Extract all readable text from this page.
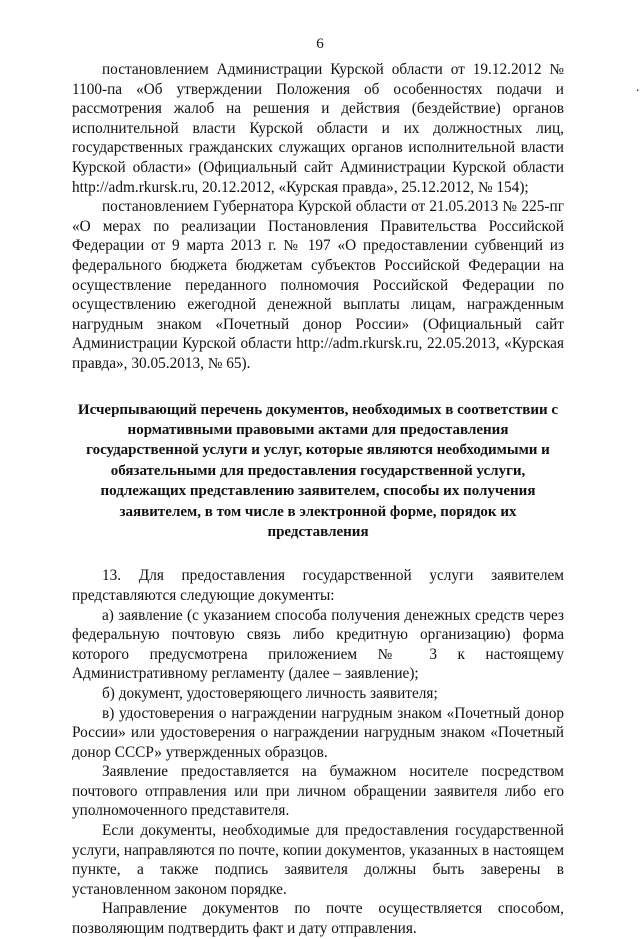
6
·

постановлением Администрации Курской области от 19.12.2012 № 1100-па «Об утверждении Положения об особенностях подачи и рассмотрения жалоб на решения и действия (бездействие) органов исполнительной власти Курской области и их должностных лиц, государственных гражданских служащих органов исполнительной власти Курской области» (Официальный сайт Администрации Курской области http://adm.rkursk.ru, 20.12.2012, «Курская правда», 25.12.2012, № 154);

постановлением Губернатора Курской области от 21.05.2013 № 225-пг «О мерах по реализации Постановления Правительства Российской Федерации от 9 марта 2013 г. № 197 «О предоставлении субвенций из федерального бюджета бюджетам субъектов Российской Федерации на осуществление переданного полномочия Российской Федерации по осуществлению ежегодной денежной выплаты лицам, награжденным нагрудным знаком «Почетный донор России» (Официальный сайт Администрации Курской области http://adm.rkursk.ru, 22.05.2013, «Курская правда», 30.05.2013, № 65).

Исчерпывающий перечень документов, необходимых в соответствии с нормативными правовыми актами для предоставления государственной услуги и услуг, которые являются необходимыми и обязательными для предоставления государственной услуги, подлежащих представлению заявителем, способы их получения заявителем, в том числе в электронной форме, порядок их представления

13. Для предоставления государственной услуги заявителем представляются следующие документы:

а) заявление (с указанием способа получения денежных средств через федеральную почтовую связь либо кредитную организацию) форма которого предусмотрена приложением № 3 к настоящему Административному регламенту (далее – заявление);

б) документ, удостоверяющего личность заявителя;

в) удостоверения о награждении нагрудным знаком «Почетный донор России» или удостоверения о награждении нагрудным знаком «Почетный донор СССР» утвержденных образцов.

Заявление предоставляется на бумажном носителе посредством почтового отправления или при личном обращении заявителя либо его уполномоченного представителя.

Если документы, необходимые для предоставления государственной услуги, направляются по почте, копии документов, указанных в настоящем пункте, а также подпись заявителя должны быть заверены в установленном законом порядке.

Направление документов по почте осуществляется способом, позволяющим подтвердить факт и дату отправления.
